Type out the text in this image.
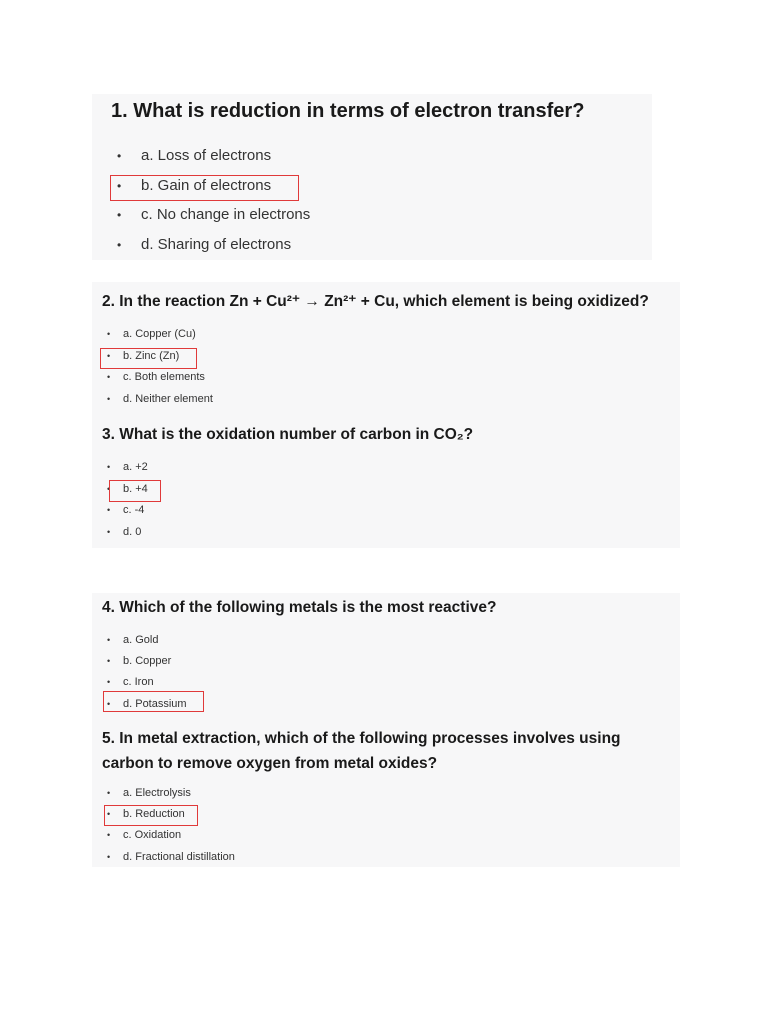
1. What is reduction in terms of electron transfer?
• a. Loss of electrons
• b. Gain of electrons
• c. No change in electrons
• d. Sharing of electrons
2. In the reaction Zn + Cu²⁺ → Zn²⁺ + Cu, which element is being oxidized?
• a. Copper (Cu)
• b. Zinc (Zn)
• c. Both elements
• d. Neither element
3. What is the oxidation number of carbon in CO₂?
• a. +2
• b. +4
• c. -4
• d. 0
4. Which of the following metals is the most reactive?
• a. Gold
• b. Copper
• c. Iron
• d. Potassium
5. In metal extraction, which of the following processes involves using carbon to remove oxygen from metal oxides?
• a. Electrolysis
• b. Reduction
• c. Oxidation
• d. Fractional distillation
